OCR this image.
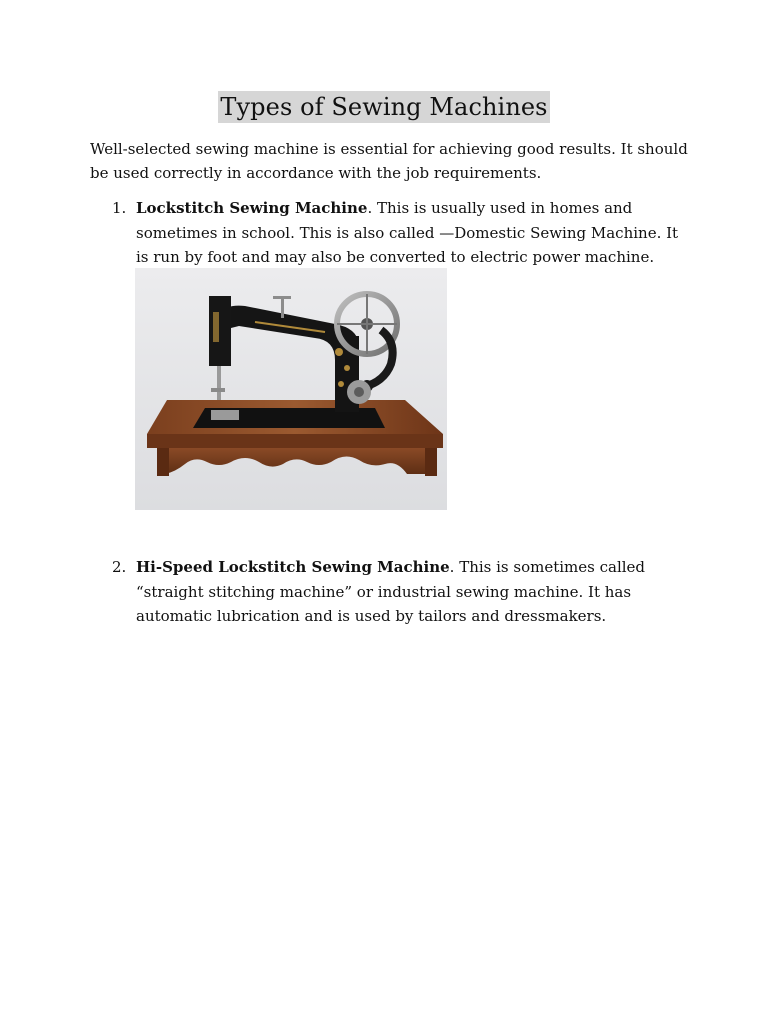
Types of Sewing Machines
Well-selected sewing machine is essential for achieving good results. It should be used correctly in accordance with the job requirements.
1. Lockstitch Sewing Machine. This is usually used in homes and sometimes in school. This is also called —Domestic Sewing Machine. It is run by foot and may also be converted to electric power machine.
2. Hi-Speed Lockstitch Sewing Machine. This is sometimes called “straight stitching machine” or industrial sewing machine. It has automatic lubrication and is used by tailors and dressmakers.
